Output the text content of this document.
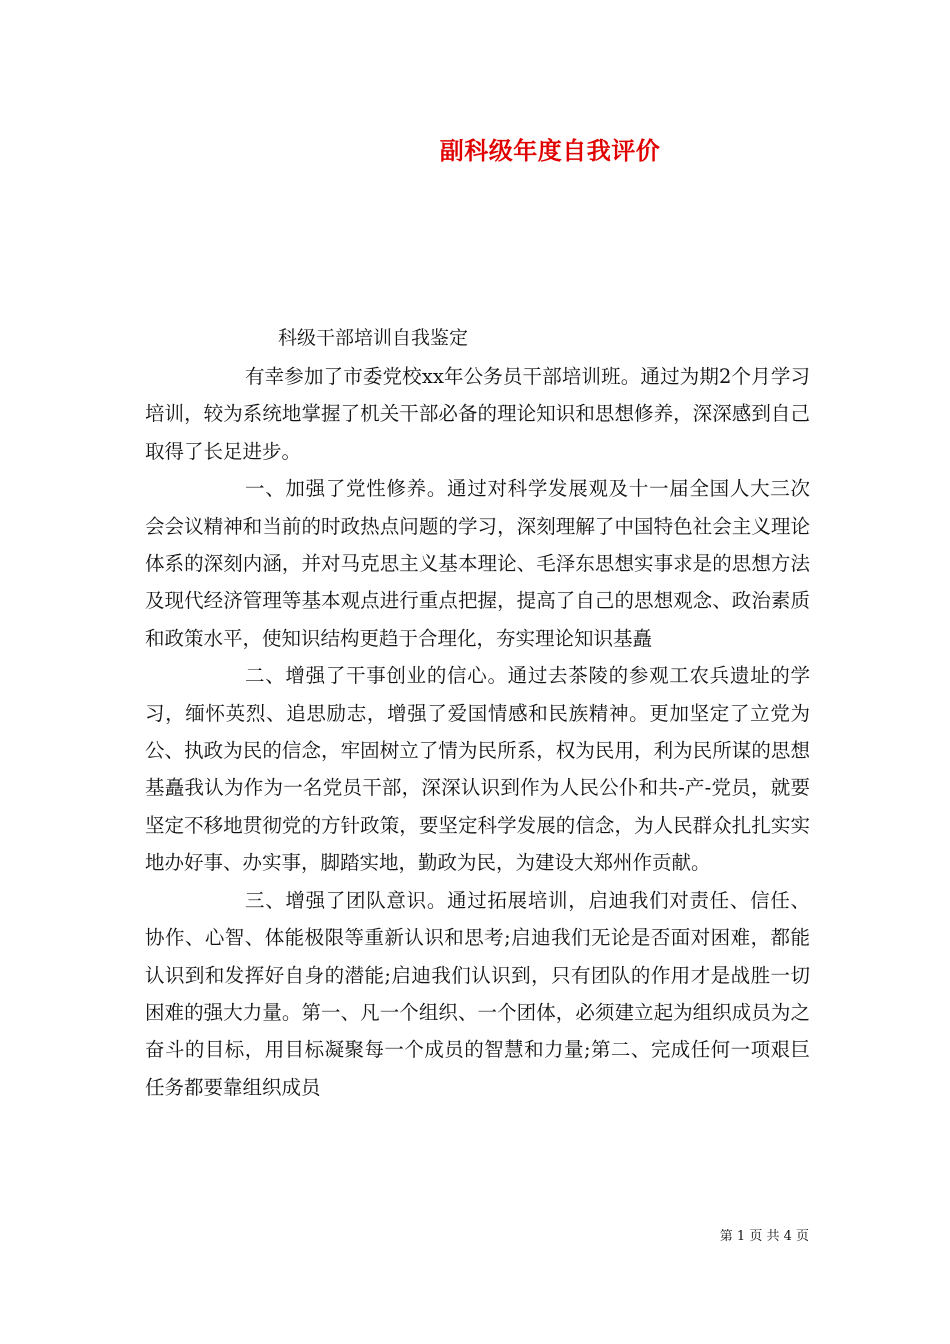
副科级年度自我评价
科级干部培训自我鉴定

有幸参加了市委党校xx年公务员干部培训班。通过为期2个月学习培训，较为系统地掌握了机关干部必备的理论知识和思想修养，深深感到自己取得了长足进步。

一、加强了党性修养。通过对科学发展观及十一届全国人大三次会会议精神和当前的时政热点问题的学习，深刻理解了中国特色社会主义理论体系的深刻内涵，并对马克思主义基本理论、毛泽东思想实事求是的思想方法及现代经济管理等基本观点进行重点把握，提高了自己的思想观念、政治素质和政策水平，使知识结构更趋于合理化，夯实理论知识基矗

二、增强了干事创业的信心。通过去茶陵的参观工农兵遗址的学习，缅怀英烈、追思励志，增强了爱国情感和民族精神。更加坚定了立党为公、执政为民的信念，牢固树立了情为民所系，权为民用，利为民所谋的思想基矗我认为作为一名党员干部，深深认识到作为人民公仆和共-产-党员，就要坚定不移地贯彻党的方针政策，要坚定科学发展的信念，为人民群众扎扎实实地办好事、办实事，脚踏实地，勤政为民，为建设大郑州作贡献。

三、增强了团队意识。通过拓展培训，启迪我们对责任、信任、协作、心智、体能极限等重新认识和思考;启迪我们无论是否面对困难，都能认识到和发挥好自身的潜能;启迪我们认识到，只有团队的作用才是战胜一切困难的强大力量。第一、凡一个组织、一个团体，必须建立起为组织成员为之奋斗的目标，用目标凝聚每一个成员的智慧和力量;第二、完成任何一项艰巨任务都要靠组织成员

第 1 页 共 4 页
